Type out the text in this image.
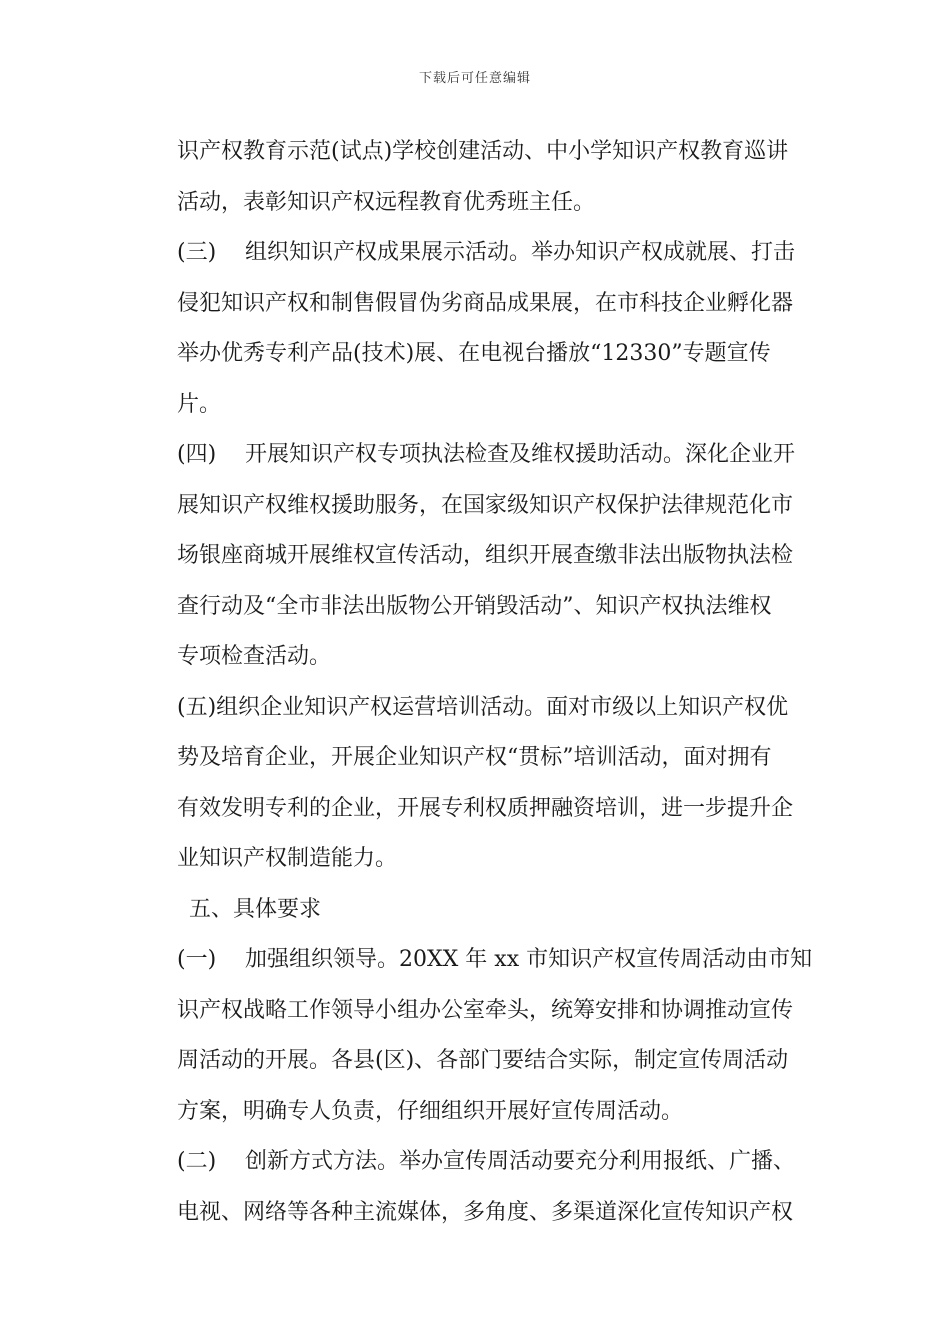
下载后可任意编辑
识产权教育示范(试点)学校创建活动、中小学知识产权教育巡讲
活动，表彰知识产权远程教育优秀班主任。
(三) 组织知识产权成果展示活动。举办知识产权成就展、打击
侵犯知识产权和制售假冒伪劣商品成果展，在市科技企业孵化器
举办优秀专利产品(技术)展、在电视台播放“12330”专题宣传
片。
(四) 开展知识产权专项执法检查及维权援助活动。深化企业开
展知识产权维权援助服务，在国家级知识产权保护法律规范化市
场银座商城开展维权宣传活动，组织开展查缴非法出版物执法检
查行动及“全市非法出版物公开销毁活动”、知识产权执法维权
专项检查活动。
(五)组织企业知识产权运营培训活动。面对市级以上知识产权优
势及培育企业，开展企业知识产权“贯标”培训活动，面对拥有
有效发明专利的企业，开展专利权质押融资培训，进一步提升企
业知识产权制造能力。
五、具体要求
(一) 加强组织领导。20XX 年 xx 市知识产权宣传周活动由市知
识产权战略工作领导小组办公室牵头，统筹安排和协调推动宣传
周活动的开展。各县(区)、各部门要结合实际，制定宣传周活动
方案，明确专人负责，仔细组织开展好宣传周活动。
(二) 创新方式方法。举办宣传周活动要充分利用报纸、广播、
电视、网络等各种主流媒体，多角度、多渠道深化宣传知识产权
